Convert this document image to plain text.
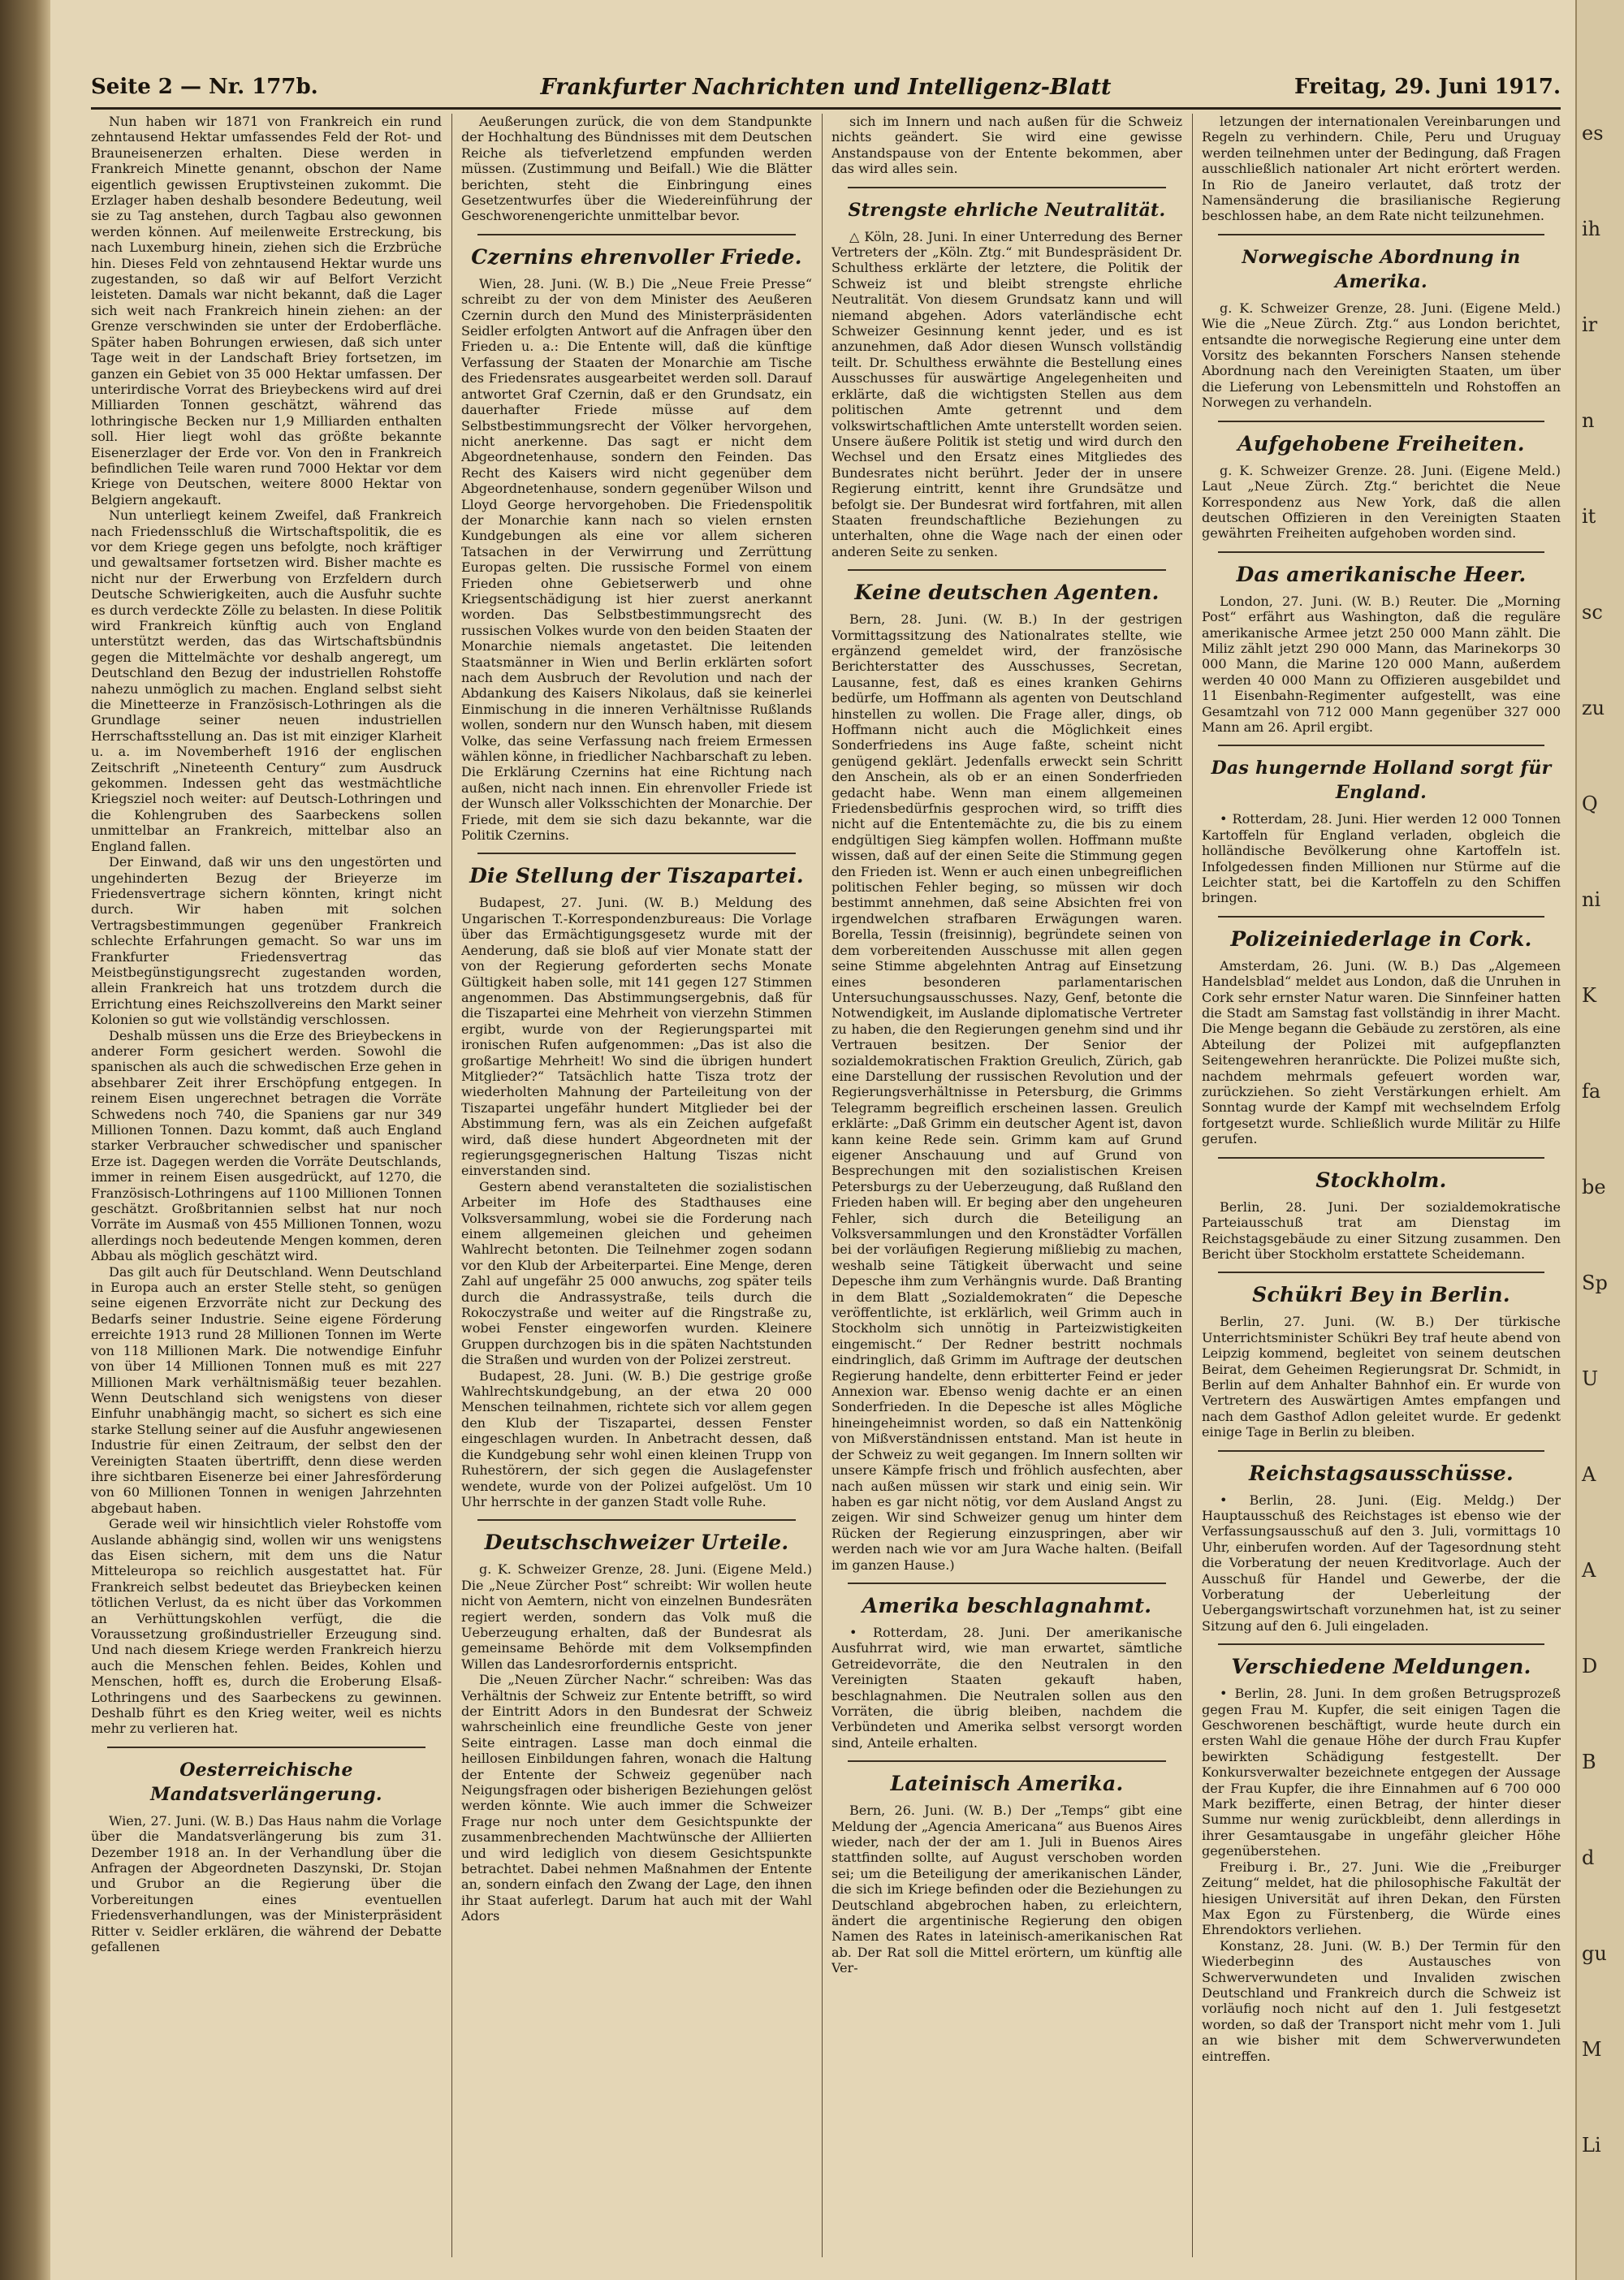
Seite 2 — Nr. 177b.	Frankfurter Nachrichten und Intelligenz-Blatt	Freitag, 29. Juni 1917.

Nun haben wir 1871 von Frankreich ein rund zehntausend Hektar umfassendes Feld der Rot- und Brauneisenerzen erhalten. Diese werden in Frankreich Minette genannt, obschon der Name eigentlich gewissen Eruptivsteinen zukommt. Die Erzlager haben deshalb besondere Bedeutung, weil sie zu Tag anstehen, durch Tagbau also gewonnen werden können. Auf meilenweite Erstreckung, bis nach Luxemburg hinein, ziehen sich die Erzbrüche hin. Dieses Feld von zehntausend Hektar wurde uns zugestanden, so daß wir auf Belfort Verzicht leisteten. Damals war nicht bekannt, daß die Lager sich weit nach Frankreich hinein ziehen: an der Grenze verschwinden sie unter der Erdoberfläche. Später haben Bohrungen erwiesen, daß sich unter Tage weit in der Landschaft Briey fortsetzen, im ganzen ein Gebiet von 35 000 Hektar umfassen. Der unterirdische Vorrat des Brieybeckens wird auf drei Milliarden Tonnen geschätzt, während das lothringische Becken nur 1,9 Milliarden enthalten soll. Hier liegt wohl das größte bekannte Eisenerzlager der Erde vor. Von den in Frankreich befindlichen Teile waren rund 7000 Hektar vor dem Kriege von Deutschen, weitere 8000 Hektar von Belgiern angekauft.

Nun unterliegt keinem Zweifel, daß Frankreich nach Friedensschluß die Wirtschaftspolitik, die es vor dem Kriege gegen uns befolgte, noch kräftiger und gewaltsamer fortsetzen wird. Bisher machte es nicht nur der Erwerbung von Erzfeldern durch Deutsche Schwierigkeiten, auch die Ausfuhr suchte es durch verdeckte Zölle zu belasten. In diese Politik wird Frankreich künftig auch von England unterstützt werden, das das Wirtschaftsbündnis gegen die Mittelmächte vor deshalb angeregt, um Deutschland den Bezug der industriellen Rohstoffe nahezu unmöglich zu machen. England selbst sieht die Minetteerze in Französisch-Lothringen als die Grundlage seiner neuen industriellen Herrschaftsstellung an. Das ist mit einziger Klarheit u. a. im Novemberheft 1916 der englischen Zeitschrift „Nineteenth Century“ zum Ausdruck gekommen. Indessen geht das westmächtliche Kriegsziel noch weiter: auf Deutsch-Lothringen und die Kohlengruben des Saarbeckens sollen unmittelbar an Frankreich, mittelbar also an England fallen.

Der Einwand, daß wir uns den ungestörten und ungehinderten Bezug der Brieyerze im Friedensvertrage sichern könnten, kringt nicht durch. Wir haben mit solchen Vertragsbestimmungen gegenüber Frankreich schlechte Erfahrungen gemacht. So war uns im Frankfurter Friedensvertrag das Meistbegünstigungsrecht zugestanden worden, allein Frankreich hat uns trotzdem durch die Errichtung eines Reichszollvereins den Markt seiner Kolonien so gut wie vollständig verschlossen.

Deshalb müssen uns die Erze des Brieybeckens in anderer Form gesichert werden. Sowohl die spanischen als auch die schwedischen Erze gehen in absehbarer Zeit ihrer Erschöpfung entgegen. In reinem Eisen ungerechnet betragen die Vorräte Schwedens noch 740, die Spaniens gar nur 349 Millionen Tonnen. Dazu kommt, daß auch England starker Verbraucher schwedischer und spanischer Erze ist. Dagegen werden die Vorräte Deutschlands, immer in reinem Eisen ausgedrückt, auf 1270, die Französisch-Lothringens auf 1100 Millionen Tonnen geschätzt. Großbritannien selbst hat nur noch Vorräte im Ausmaß von 455 Millionen Tonnen, wozu allerdings noch bedeutende Mengen kommen, deren Abbau als möglich geschätzt wird.

Das gilt auch für Deutschland. Wenn Deutschland in Europa auch an erster Stelle steht, so genügen seine eigenen Erzvorräte nicht zur Deckung des Bedarfs seiner Industrie. Seine eigene Förderung erreichte 1913 rund 28 Millionen Tonnen im Werte von 118 Millionen Mark. Die notwendige Einfuhr von über 14 Millionen Tonnen muß es mit 227 Millionen Mark verhältnismäßig teuer bezahlen. Wenn Deutschland sich wenigstens von dieser Einfuhr unabhängig macht, so sichert es sich eine starke Stellung seiner auf die Ausfuhr angewiesenen Industrie für einen Zeitraum, der selbst den der Vereinigten Staaten übertrifft, denn diese werden ihre sichtbaren Eisenerze bei einer Jahresförderung von 60 Millionen Tonnen in wenigen Jahrzehnten abgebaut haben.

Gerade weil wir hinsichtlich vieler Rohstoffe vom Auslande abhängig sind, wollen wir uns wenigstens das Eisen sichern, mit dem uns die Natur Mitteleuropa so reichlich ausgestattet hat. Für Frankreich selbst bedeutet das Brieybecken keinen tötlichen Verlust, da es nicht über das Vorkommen an Verhüttungskohlen verfügt, die die Voraussetzung großindustrieller Erzeugung sind. Und nach diesem Kriege werden Frankreich hierzu auch die Menschen fehlen. Beides, Kohlen und Menschen, hofft es, durch die Eroberung Elsaß-Lothringens und des Saarbeckens zu gewinnen. Deshalb führt es den Krieg weiter, weil es nichts mehr zu verlieren hat.

Oesterreichische Mandatsverlängerung.

Wien, 27. Juni. (W. B.) Das Haus nahm die Vorlage über die Mandatsverlängerung bis zum 31. Dezember 1918 an. In der Verhandlung über die Anfragen der Abgeordneten Daszynski, Dr. Stojan und Grubor an die Regierung über die Vorbereitungen eines eventuellen Friedensverhandlungen, was der Ministerpräsident Ritter v. Seidler erklären, die während der Debatte gefallenen

Aeußerungen zurück, die von dem Standpunkte der Hochhaltung des Bündnisses mit dem Deutschen Reiche als tiefverletzend empfunden werden müssen. (Zustimmung und Beifall.) Wie die Blätter berichten, steht die Einbringung eines Gesetzentwurfes über die Wiedereinführung der Geschworenengerichte unmittelbar bevor.

Czernins ehrenvoller Friede.

Wien, 28. Juni. (W. B.) Die „Neue Freie Presse“ schreibt zu der von dem Minister des Aeußeren Czernin durch den Mund des Ministerpräsidenten Seidler erfolgten Antwort auf die Anfragen über den Frieden u. a.: Die Entente will, daß die künftige Verfassung der Staaten der Monarchie am Tische des Friedensrates ausgearbeitet werden soll. Darauf antwortet Graf Czernin, daß er den Grundsatz, ein dauerhafter Friede müsse auf dem Selbstbestimmungsrecht der Völker hervorgehen, nicht anerkenne. Das sagt er nicht dem Abgeordnetenhause, sondern den Feinden. Das Recht des Kaisers wird nicht gegenüber dem Abgeordnetenhause, sondern gegenüber Wilson und Lloyd George hervorgehoben. Die Friedenspolitik der Monarchie kann nach so vielen ernsten Kundgebungen als eine vor allem sicheren Tatsachen in der Verwirrung und Zerrüttung Europas gelten. Die russische Formel von einem Frieden ohne Gebietserwerb und ohne Kriegsentschädigung ist hier zuerst anerkannt worden. Das Selbstbestimmungsrecht des russischen Volkes wurde von den beiden Staaten der Monarchie niemals angetastet. Die leitenden Staatsmänner in Wien und Berlin erklärten sofort nach dem Ausbruch der Revolution und nach der Abdankung des Kaisers Nikolaus, daß sie keinerlei Einmischung in die inneren Verhältnisse Rußlands wollen, sondern nur den Wunsch haben, mit diesem Volke, das seine Verfassung nach freiem Ermessen wählen könne, in friedlicher Nachbarschaft zu leben. Die Erklärung Czernins hat eine Richtung nach außen, nicht nach innen. Ein ehrenvoller Friede ist der Wunsch aller Volksschichten der Monarchie. Der Friede, mit dem sie sich dazu bekannte, war die Politik Czernins.

Die Stellung der Tiszapartei.

Budapest, 27. Juni. (W. B.) Meldung des Ungarischen T.-Korrespondenzbureaus: Die Vorlage über das Ermächtigungsgesetz wurde mit der Aenderung, daß sie bloß auf vier Monate statt der von der Regierung geforderten sechs Monate Gültigkeit haben solle, mit 141 gegen 127 Stimmen angenommen. Das Abstimmungsergebnis, daß für die Tiszapartei eine Mehrheit von vierzehn Stimmen ergibt, wurde von der Regierungspartei mit ironischen Rufen aufgenommen: „Das ist also die großartige Mehrheit! Wo sind die übrigen hundert Mitglieder?“ Tatsächlich hatte Tisza trotz der wiederholten Mahnung der Parteileitung von der Tiszapartei ungefähr hundert Mitglieder bei der Abstimmung fern, was als ein Zeichen aufgefaßt wird, daß diese hundert Abgeordneten mit der regierungsgegnerischen Haltung Tiszas nicht einverstanden sind.

Gestern abend veranstalteten die sozialistischen Arbeiter im Hofe des Stadthauses eine Volksversammlung, wobei sie die Forderung nach einem allgemeinen gleichen und geheimen Wahlrecht betonten. Die Teilnehmer zogen sodann vor den Klub der Arbeiterpartei. Eine Menge, deren Zahl auf ungefähr 25 000 anwuchs, zog später teils durch die Andrassystraße, teils durch die Rokoczystraße und weiter auf die Ringstraße zu, wobei Fenster eingeworfen wurden. Kleinere Gruppen durchzogen bis in die späten Nachtstunden die Straßen und wurden von der Polizei zerstreut.

Budapest, 28. Juni. (W. B.) Die gestrige große Wahlrechtskundgebung, an der etwa 20 000 Menschen teilnahmen, richtete sich vor allem gegen den Klub der Tiszapartei, dessen Fenster eingeschlagen wurden. In Anbetracht dessen, daß die Kundgebung sehr wohl einen kleinen Trupp von Ruhestörern, der sich gegen die Auslagefenster wendete, wurde von der Polizei aufgelöst. Um 10 Uhr herrschte in der ganzen Stadt volle Ruhe.

Deutschschweizer Urteile.

g. K. Schweizer Grenze, 28. Juni. (Eigene Meld.) Die „Neue Zürcher Post“ schreibt: Wir wollen heute nicht von Aemtern, nicht von einzelnen Bundesräten regiert werden, sondern das Volk muß die Ueberzeugung erhalten, daß der Bundesrat als gemeinsame Behörde mit dem Volksempfinden Willen das Landesrorfordernis entspricht.

Die „Neuen Zürcher Nachr.“ schreiben: Was das Verhältnis der Schweiz zur Entente betrifft, so wird der Eintritt Adors in den Bundesrat der Schweiz wahrscheinlich eine freundliche Geste von jener Seite eintragen. Lasse man doch einmal die heillosen Einbildungen fahren, wonach die Haltung der Entente der Schweiz gegenüber nach Neigungsfragen oder bisherigen Beziehungen gelöst werden könnte. Wie auch immer die Schweizer Frage nur noch unter dem Gesichtspunkte der zusammenbrechenden Machtwünsche der Alliierten und wird lediglich von diesem Gesichtspunkte betrachtet. Dabei nehmen Maßnahmen der Entente an, sondern einfach den Zwang der Lage, den ihnen ihr Staat auferlegt. Darum hat auch mit der Wahl Adors

sich im Innern und nach außen für die Schweiz nichts geändert. Sie wird eine gewisse Anstandspause von der Entente bekommen, aber das wird alles sein.

Strengste ehrliche Neutralität.

△ Köln, 28. Juni. In einer Unterredung des Berner Vertreters der „Köln. Ztg.“ mit Bundespräsident Dr. Schulthess erklärte der letztere, die Politik der Schweiz ist und bleibt strengste ehrliche Neutralität. Von diesem Grundsatz kann und will niemand abgehen. Adors vaterländische echt Schweizer Gesinnung kennt jeder, und es ist anzunehmen, daß Ador diesen Wunsch vollständig teilt. Dr. Schulthess erwähnte die Bestellung eines Ausschusses für auswärtige Angelegenheiten und erklärte, daß die wichtigsten Stellen aus dem politischen Amte getrennt und dem volkswirtschaftlichen Amte unterstellt worden seien. Unsere äußere Politik ist stetig und wird durch den Wechsel und den Ersatz eines Mitgliedes des Bundesrates nicht berührt. Jeder der in unsere Regierung eintritt, kennt ihre Grundsätze und befolgt sie. Der Bundesrat wird fortfahren, mit allen Staaten freundschaftliche Beziehungen zu unterhalten, ohne die Wage nach der einen oder anderen Seite zu senken.

Keine deutschen Agenten.

Bern, 28. Juni. (W. B.) In der gestrigen Vormittagssitzung des Nationalrates stellte, wie ergänzend gemeldet wird, der französische Berichterstatter des Ausschusses, Secretan, Lausanne, fest, daß es eines kranken Gehirns bedürfe, um Hoffmann als agenten von Deutschland hinstellen zu wollen. Die Frage aller, dings, ob Hoffmann nicht auch die Möglichkeit eines Sonderfriedens ins Auge faßte, scheint nicht genügend geklärt. Jedenfalls erweckt sein Schritt den Anschein, als ob er an einen Sonderfrieden gedacht habe. Wenn man einem allgemeinen Friedensbedürfnis gesprochen wird, so trifft dies nicht auf die Ententemächte zu, die bis zu einem endgültigen Sieg kämpfen wollen. Hoffmann mußte wissen, daß auf der einen Seite die Stimmung gegen den Frieden ist. Wenn er auch einen unbegreiflichen politischen Fehler beging, so müssen wir doch bestimmt annehmen, daß seine Absichten frei von irgendwelchen strafbaren Erwägungen waren. Borella, Tessin (freisinnig), begründete seinen von dem vorbereitenden Ausschusse mit allen gegen seine Stimme abgelehnten Antrag auf Einsetzung eines besonderen parlamentarischen Untersuchungsausschusses. Nazy, Genf, betonte die Notwendigkeit, im Auslande diplomatische Vertreter zu haben, die den Regierungen genehm sind und ihr Vertrauen besitzen. Der Senior der sozialdemokratischen Fraktion Greulich, Zürich, gab eine Darstellung der russischen Revolution und der Regierungsverhältnisse in Petersburg, die Grimms Telegramm begreiflich erscheinen lassen. Greulich erklärte: „Daß Grimm ein deutscher Agent ist, davon kann keine Rede sein. Grimm kam auf Grund eigener Anschauung und auf Grund von Besprechungen mit den sozialistischen Kreisen Petersburgs zu der Ueberzeugung, daß Rußland den Frieden haben will. Er beging aber den ungeheuren Fehler, sich durch die Beteiligung an Volksversammlungen und den Kronstädter Vorfällen bei der vorläufigen Regierung mißliebig zu machen, weshalb seine Tätigkeit überwacht und seine Depesche ihm zum Verhängnis wurde. Daß Branting in dem Blatt „Sozialdemokraten“ die Depesche veröffentlichte, ist erklärlich, weil Grimm auch in Stockholm sich unnötig in Parteizwistigkeiten eingemischt.“ Der Redner bestritt nochmals eindringlich, daß Grimm im Auftrage der deutschen Regierung handelte, denn erbitterter Feind er jeder Annexion war. Ebenso wenig dachte er an einen Sonderfrieden. In die Depesche ist alles Mögliche hineingeheimnist worden, so daß ein Nattenkönig von Mißverständnissen entstand. Man ist heute in der Schweiz zu weit gegangen. Im Innern sollten wir unsere Kämpfe frisch und fröhlich ausfechten, aber nach außen müssen wir stark und einig sein. Wir haben es gar nicht nötig, vor dem Ausland Angst zu zeigen. Wir sind Schweizer genug um hinter dem Rücken der Regierung einzuspringen, aber wir werden nach wie vor am Jura Wache halten. (Beifall im ganzen Hause.)

Amerika beschlagnahmt.

• Rotterdam, 28. Juni. Der amerikanische Ausfuhrrat wird, wie man erwartet, sämtliche Getreidevorräte, die den Neutralen in den Vereinigten Staaten gekauft haben, beschlagnahmen. Die Neutralen sollen aus den Vorräten, die übrig bleiben, nachdem die Verbündeten und Amerika selbst versorgt worden sind, Anteile erhalten.

Lateinisch Amerika.

Bern, 26. Juni. (W. B.) Der „Temps“ gibt eine Meldung der „Agencia Americana“ aus Buenos Aires wieder, nach der der am 1. Juli in Buenos Aires stattfinden sollte, auf August verschoben worden sei; um die Beteiligung der amerikanischen Länder, die sich im Kriege befinden oder die Beziehungen zu Deutschland abgebrochen haben, zu erleichtern, ändert die argentinische Regierung den obigen Namen des Rates in lateinisch-amerikanischen Rat ab. Der Rat soll die Mittel erörtern, um künftig alle Ver-

letzungen der internationalen Vereinbarungen und Regeln zu verhindern. Chile, Peru und Uruguay werden teilnehmen unter der Bedingung, daß Fragen ausschließlich nationaler Art nicht erörtert werden. In Rio de Janeiro verlautet, daß trotz der Namensänderung die brasilianische Regierung beschlossen habe, an dem Rate nicht teilzunehmen.

Norwegische Abordnung in Amerika.

g. K. Schweizer Grenze, 28. Juni. (Eigene Meld.) Wie die „Neue Zürch. Ztg.“ aus London berichtet, entsandte die norwegische Regierung eine unter dem Vorsitz des bekannten Forschers Nansen stehende Abordnung nach den Vereinigten Staaten, um über die Lieferung von Lebensmitteln und Rohstoffen an Norwegen zu verhandeln.

Aufgehobene Freiheiten.

g. K. Schweizer Grenze. 28. Juni. (Eigene Meld.) Laut „Neue Zürch. Ztg.“ berichtet die Neue Korrespondenz aus New York, daß die allen deutschen Offizieren in den Vereinigten Staaten gewährten Freiheiten aufgehoben worden sind.

Das amerikanische Heer.

London, 27. Juni. (W. B.) Reuter. Die „Morning Post“ erfährt aus Washington, daß die reguläre amerikanische Armee jetzt 250 000 Mann zählt. Die Miliz zählt jetzt 290 000 Mann, das Marinekorps 30 000 Mann, die Marine 120 000 Mann, außerdem werden 40 000 Mann zu Offizieren ausgebildet und 11 Eisenbahn-Regimenter aufgestellt, was eine Gesamtzahl von 712 000 Mann gegenüber 327 000 Mann am 26. April ergibt.

Das hungernde Holland sorgt für England.

• Rotterdam, 28. Juni. Hier werden 12 000 Tonnen Kartoffeln für England verladen, obgleich die holländische Bevölkerung ohne Kartoffeln ist. Infolgedessen finden Millionen nur Stürme auf die Leichter statt, bei die Kartoffeln zu den Schiffen bringen.

Polizeiniederlage in Cork.

Amsterdam, 26. Juni. (W. B.) Das „Algemeen Handelsblad“ meldet aus London, daß die Unruhen in Cork sehr ernster Natur waren. Die Sinnfeiner hatten die Stadt am Samstag fast vollständig in ihrer Macht. Die Menge begann die Gebäude zu zerstören, als eine Abteilung der Polizei mit aufgepflanzten Seitengewehren heranrückte. Die Polizei mußte sich, nachdem mehrmals gefeuert worden war, zurückziehen. So zieht Verstärkungen erhielt. Am Sonntag wurde der Kampf mit wechselndem Erfolg fortgesetzt wurde. Schließlich wurde Militär zu Hilfe gerufen.

Stockholm.

Berlin, 28. Juni. Der sozialdemokratische Parteiausschuß trat am Dienstag im Reichstagsgebäude zu einer Sitzung zusammen. Den Bericht über Stockholm erstattete Scheidemann.

Schükri Bey in Berlin.

Berlin, 27. Juni. (W. B.) Der türkische Unterrichtsminister Schükri Bey traf heute abend von Leipzig kommend, begleitet von seinem deutschen Beirat, dem Geheimen Regierungsrat Dr. Schmidt, in Berlin auf dem Anhalter Bahnhof ein. Er wurde von Vertretern des Auswärtigen Amtes empfangen und nach dem Gasthof Adlon geleitet wurde. Er gedenkt einige Tage in Berlin zu bleiben.

Reichstagsausschüsse.

• Berlin, 28. Juni. (Eig. Meldg.) Der Hauptausschuß des Reichstages ist ebenso wie der Verfassungsausschuß auf den 3. Juli, vormittags 10 Uhr, einberufen worden. Auf der Tagesordnung steht die Vorberatung der neuen Kreditvorlage. Auch der Ausschuß für Handel und Gewerbe, der die Vorberatung der Ueberleitung der Uebergangswirtschaft vorzunehmen hat, ist zu seiner Sitzung auf den 6. Juli eingeladen.

Verschiedene Meldungen.

• Berlin, 28. Juni. In dem großen Betrugsprozeß gegen Frau M. Kupfer, die seit einigen Tagen die Geschworenen beschäftigt, wurde heute durch ein ersten Wahl die genaue Höhe der durch Frau Kupfer bewirkten Schädigung festgestellt. Der Konkursverwalter bezeichnete entgegen der Aussage der Frau Kupfer, die ihre Einnahmen auf 6 700 000 Mark bezifferte, einen Betrag, der hinter dieser Summe nur wenig zurückbleibt, denn allerdings in ihrer Gesamtausgabe in ungefähr gleicher Höhe gegenüberstehen.

Freiburg i. Br., 27. Juni. Wie die „Freiburger Zeitung“ meldet, hat die philosophische Fakultät der hiesigen Universität auf ihren Dekan, den Fürsten Max Egon zu Fürstenberg, die Würde eines Ehrendoktors verliehen.

Konstanz, 28. Juni. (W. B.) Der Termin für den Wiederbeginn des Austausches von Schwerverwundeten und Invaliden zwischen Deutschland und Frankreich durch die Schweiz ist vorläufig noch nicht auf den 1. Juli festgesetzt worden, so daß der Transport nicht mehr vom 1. Juli an wie bisher mit dem Schwerverwundeten eintreffen.

es
ih
ir
n
it
sc
zu
Q
ni
K
fa
be
Sp
U
A
A
D
B
d
gu
M
Li
